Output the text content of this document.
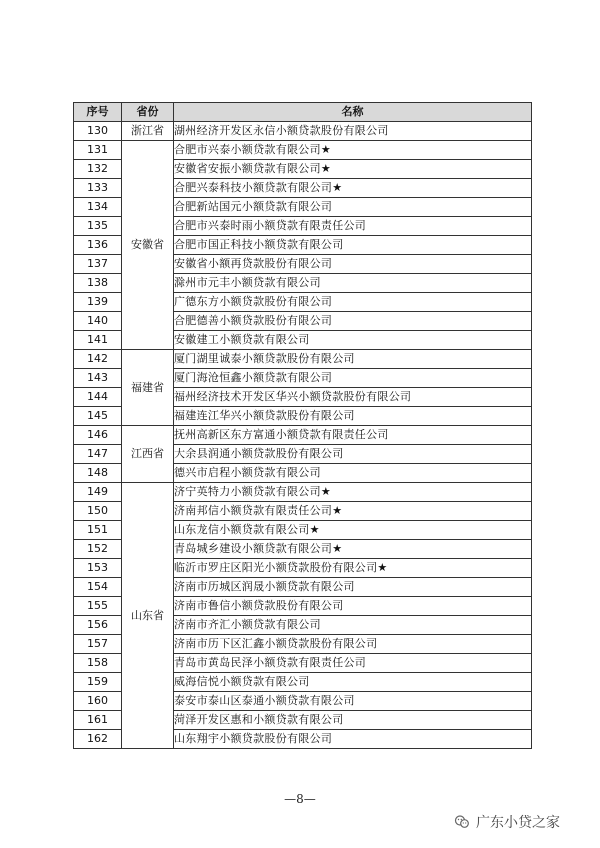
序号	省份	名称
130	浙江省	湖州经济开发区永信小额贷款股份有限公司
131	安徽省	合肥市兴泰小额贷款有限公司★
132		安徽省安振小额贷款有限公司★
133		合肥兴泰科技小额贷款有限公司★
134		合肥新站国元小额贷款有限公司
135		合肥市兴泰时雨小额贷款有限责任公司
136		合肥市国正科技小额贷款有限公司
137		安徽省小额再贷款股份有限公司
138		滁州市元丰小额贷款有限公司
139		广德东方小额贷款股份有限公司
140		合肥德善小额贷款股份有限公司
141		安徽建工小额贷款有限公司
142	福建省	厦门湖里诚泰小额贷款股份有限公司
143		厦门海沧恒鑫小额贷款有限公司
144		福州经济技术开发区华兴小额贷款股份有限公司
145		福建连江华兴小额贷款股份有限公司
146	江西省	抚州高新区东方富通小额贷款有限责任公司
147		大余县润通小额贷款股份有限公司
148		德兴市启程小额贷款有限公司
149	山东省	济宁英特力小额贷款有限公司★
150		济南邦信小额贷款有限责任公司★
151		山东龙信小额贷款有限公司★
152		青岛城乡建设小额贷款有限公司★
153		临沂市罗庄区阳光小额贷款股份有限公司★
154		济南市历城区润晟小额贷款有限公司
155		济南市鲁信小额贷款股份有限公司
156		济南市齐汇小额贷款有限公司
157		济南市历下区汇鑫小额贷款股份有限公司
158		青岛市黄岛民泽小额贷款有限责任公司
159		威海信悦小额贷款有限公司
160		泰安市泰山区泰通小额贷款有限公司
161		菏泽开发区惠和小额贷款有限公司
162		山东翔宇小额贷款股份有限公司
—8—
广东小贷之家
